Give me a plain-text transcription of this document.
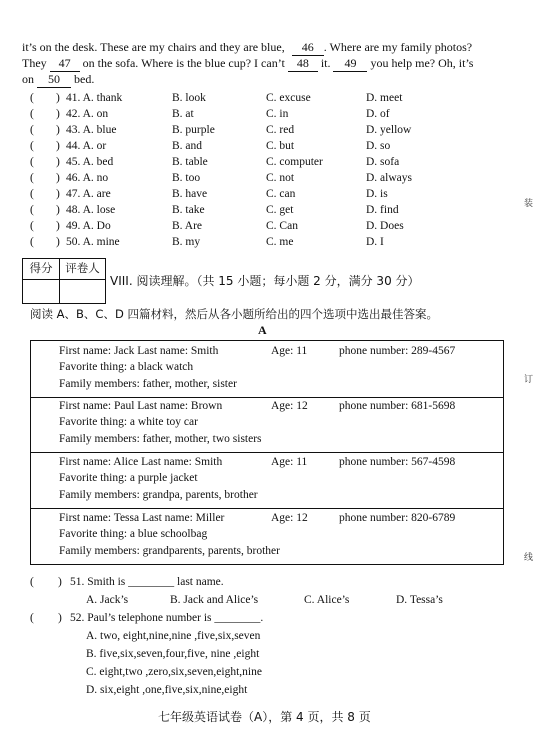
it’s on the desk. These are my chairs and they are blue, 46 . Where are my family photos?
They 47 on the sofa. Where is the blue cup? I can’t 48 it. 49 you help me? Oh, it’s
on 50 bed.
( ) 41. A. thank	B. look	C. excuse	D. meet
( ) 42. A. on	B. at	C. in	D. of
( ) 43. A. blue	B. purple	C. red	D. yellow
( ) 44. A. or	B. and	C. but	D. so
( ) 45. A. bed	B. table	C. computer	D. sofa
( ) 46. A. no	B. too	C. not	D. always
( ) 47. A. are	B. have	C. can	D. is
( ) 48. A. lose	B. take	C. get	D. find
( ) 49. A. Do	B. Are	C. Can	D. Does
( ) 50. A. mine	B. my	C. me	D. I
得分	评卷人
VIII. 阅读理解。（共 15 小题；每小题 2 分，满分 30 分）
阅读 A、B、C、D 四篇材料，然后从各小题所给出的四个选项中选出最佳答案。
A
First name: Jack Last name: Smith	Age: 11	phone number: 289-4567
Favorite thing: a black watch
Family members: father, mother, sister
First name: Paul Last name: Brown	Age: 12	phone number: 681-5698
Favorite thing: a white toy car
Family members: father, mother, two sisters
First name: Alice Last name: Smith	Age: 11	phone number: 567-4598
Favorite thing: a purple jacket
Family members: grandpa, parents, brother
First name: Tessa Last name: Miller	Age: 12	phone number: 820-6789
Favorite thing: a blue schoolbag
Family members: grandparents, parents, brother
( ) 51. Smith is ________ last name.
A. Jack’s	B. Jack and Alice’s	C. Alice’s	D. Tessa’s
( ) 52. Paul’s telephone number is ________.
A. two, eight,nine,nine ,five,six,seven
B. five,six,seven,four,five, nine ,eight
C. eight,two ,zero,six,seven,eight,nine
D. six,eight ,one,five,six,nine,eight
七年级英语试卷（A），第 4 页，共 8 页
装
订
线
